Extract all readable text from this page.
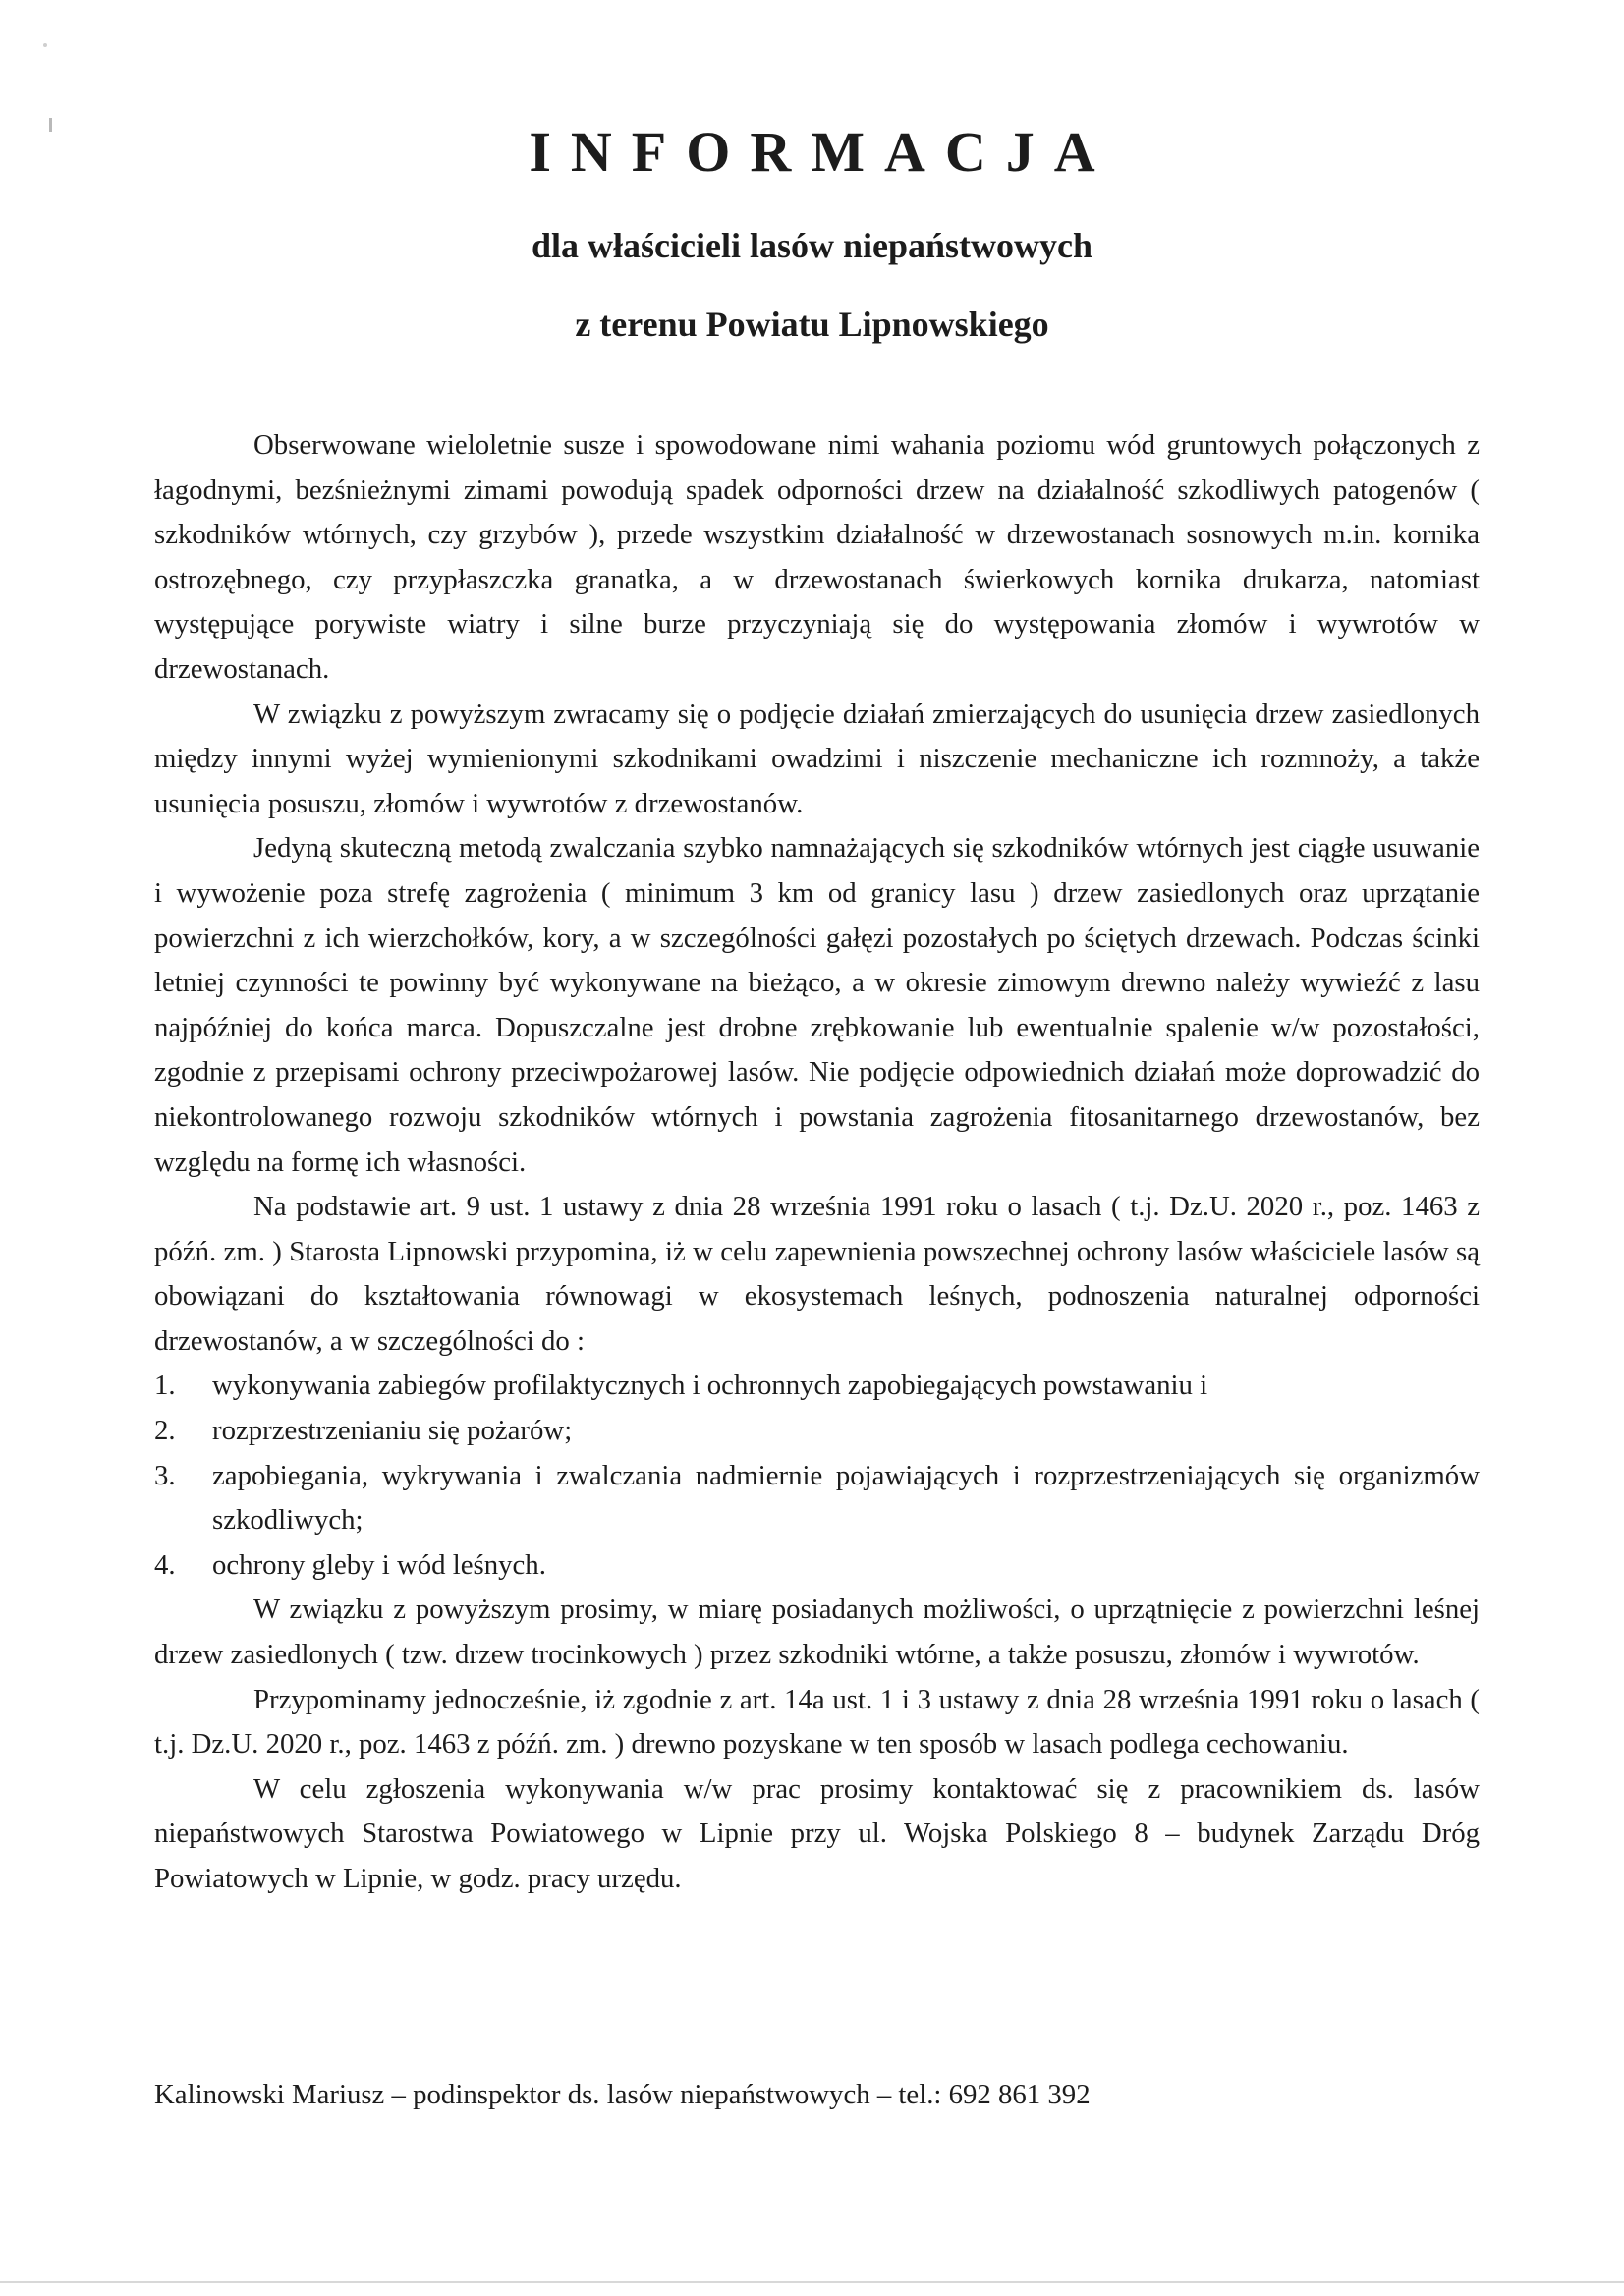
INFORMACJA
dla właścicieli lasów niepaństwowych
z terenu Powiatu Lipnowskiego

Obserwowane wieloletnie susze i spowodowane nimi wahania poziomu wód gruntowych połączonych z łagodnymi, bezśnieżnymi zimami powodują spadek odporności drzew na działalność szkodliwych patogenów ( szkodników wtórnych, czy grzybów ), przede wszystkim działalność w drzewostanach sosnowych m.in. kornika ostrozębnego, czy przypłaszczka granatka, a w drzewostanach świerkowych kornika drukarza, natomiast występujące porywiste wiatry i silne burze przyczyniają się do występowania złomów i wywrotów w drzewostanach.

W związku z powyższym zwracamy się o podjęcie działań zmierzających do usunięcia drzew zasiedlonych między innymi wyżej wymienionymi szkodnikami owadzimi i niszczenie mechaniczne ich rozmnoży, a także usunięcia posuszu, złomów i wywrotów z drzewostanów.

Jedyną skuteczną metodą zwalczania szybko namnażających się szkodników wtórnych jest ciągłe usuwanie i wywożenie poza strefę zagrożenia ( minimum 3 km od granicy lasu ) drzew zasiedlonych oraz uprzątanie powierzchni z ich wierzchołków, kory, a w szczególności gałęzi pozostałych po ściętych drzewach. Podczas ścinki letniej czynności te powinny być wykonywane na bieżąco, a w okresie zimowym drewno należy wywieźć z lasu najpóźniej do końca marca. Dopuszczalne jest drobne zrębkowanie lub ewentualnie spalenie w/w pozostałości, zgodnie z przepisami ochrony przeciwpożarowej lasów. Nie podjęcie odpowiednich działań może doprowadzić do niekontrolowanego rozwoju szkodników wtórnych i powstania zagrożenia fitosanitarnego drzewostanów, bez względu na formę ich własności.

Na podstawie art. 9 ust. 1 ustawy z dnia 28 września 1991 roku o lasach ( t.j. Dz.U. 2020 r., poz. 1463 z późń. zm. ) Starosta Lipnowski przypomina, iż w celu zapewnienia powszechnej ochrony lasów właściciele lasów są obowiązani do kształtowania równowagi w ekosystemach leśnych, podnoszenia naturalnej odporności drzewostanów, a w szczególności do :

1. wykonywania zabiegów profilaktycznych i ochronnych zapobiegających powstawaniu i
2. rozprzestrzenianiu się pożarów;
3. zapobiegania, wykrywania i zwalczania nadmiernie pojawiających i rozprzestrzeniających się organizmów szkodliwych;
4. ochrony gleby i wód leśnych.

W związku z powyższym prosimy, w miarę posiadanych możliwości, o uprzątnięcie z powierzchni leśnej drzew zasiedlonych ( tzw. drzew trocinkowych ) przez szkodniki wtórne, a także posuszu, złomów i wywrotów.

Przypominamy jednocześnie, iż zgodnie z art. 14a ust. 1 i 3 ustawy z dnia 28 września 1991 roku o lasach ( t.j. Dz.U. 2020 r., poz. 1463 z późń. zm. ) drewno pozyskane w ten sposób w lasach podlega cechowaniu.

W celu zgłoszenia wykonywania w/w prac prosimy kontaktować się z pracownikiem ds. lasów niepaństwowych Starostwa Powiatowego w Lipnie przy ul. Wojska Polskiego 8 – budynek Zarządu Dróg Powiatowych w Lipnie, w godz. pracy urzędu.

Kalinowski Mariusz – podinspektor ds. lasów niepaństwowych – tel.: 692 861 392
